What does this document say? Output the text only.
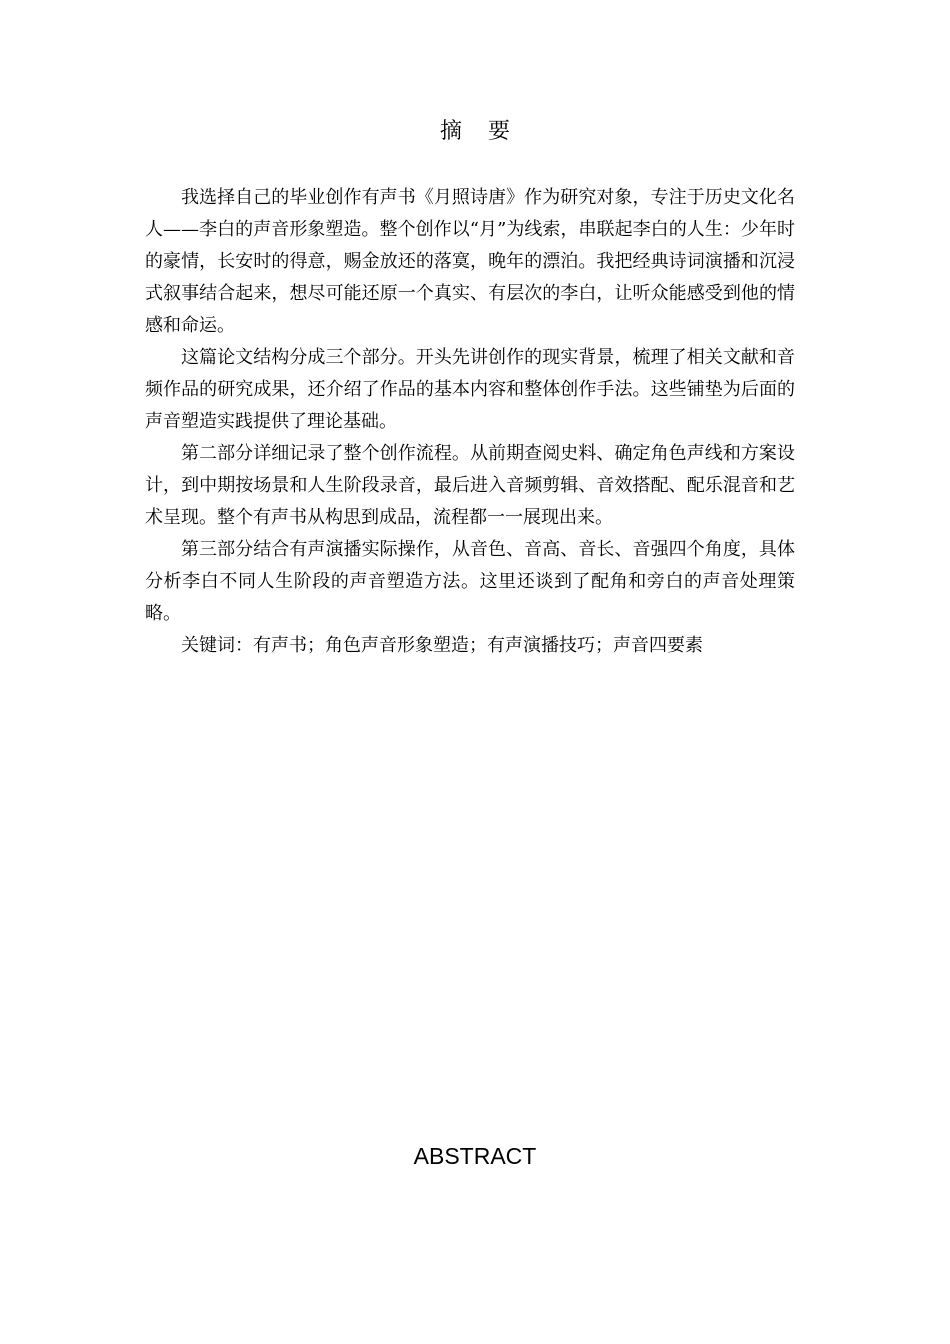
摘 要

我选择自己的毕业创作有声书《月照诗唐》作为研究对象，专注于历史文化名人——李白的声音形象塑造。整个创作以“月”为线索，串联起李白的人生：少年时的豪情，长安时的得意，赐金放还的落寞，晚年的漂泊。我把经典诗词演播和沉浸式叙事结合起来，想尽可能还原一个真实、有层次的李白，让听众能感受到他的情感和命运。

这篇论文结构分成三个部分。开头先讲创作的现实背景，梳理了相关文献和音频作品的研究成果，还介绍了作品的基本内容和整体创作手法。这些铺垫为后面的声音塑造实践提供了理论基础。

第二部分详细记录了整个创作流程。从前期查阅史料、确定角色声线和方案设计，到中期按场景和人生阶段录音，最后进入音频剪辑、音效搭配、配乐混音和艺术呈现。整个有声书从构思到成品，流程都一一展现出来。

第三部分结合有声演播实际操作，从音色、音高、音长、音强四个角度，具体分析李白不同人生阶段的声音塑造方法。这里还谈到了配角和旁白的声音处理策略。

关键词：有声书；角色声音形象塑造；有声演播技巧；声音四要素

ABSTRACT
